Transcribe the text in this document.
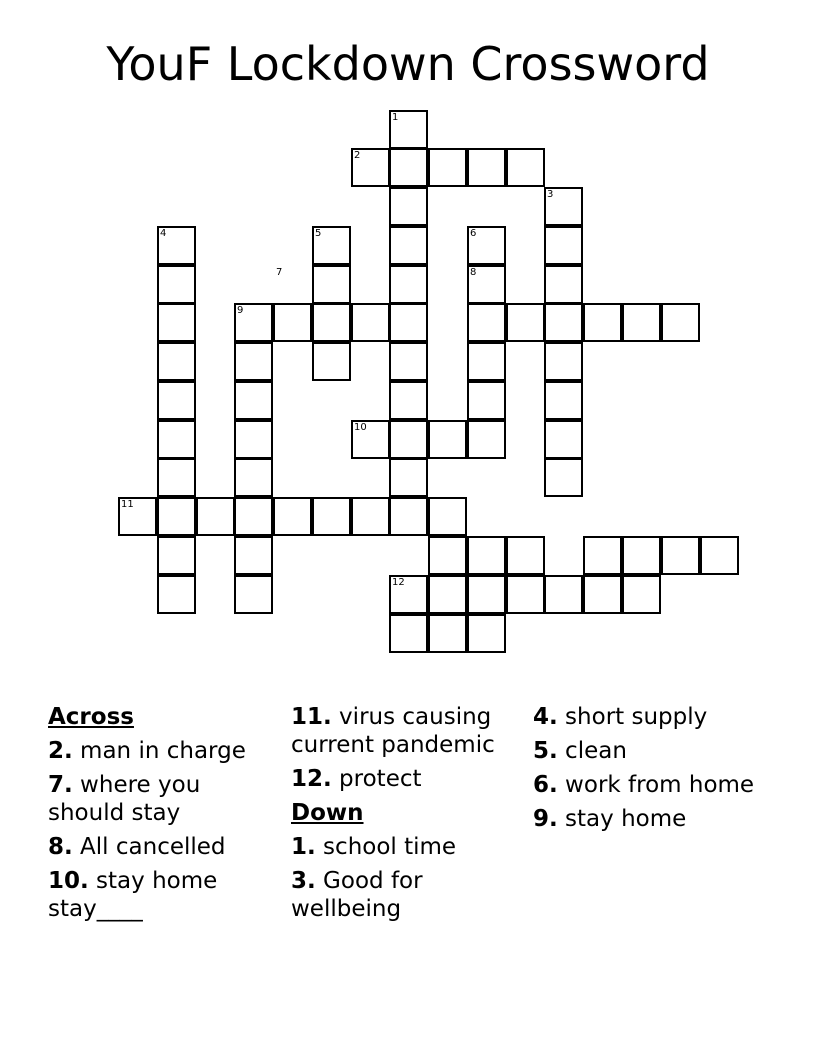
YouF Lockdown Crossword
1
2
3
4	5	6
7	8
9
10
11
12
Across
2. man in charge
7. where you should stay
8. All cancelled
10. stay home stay____
11. virus causing current pandemic
12. protect
Down
1. school time
3. Good for wellbeing
4. short supply
5. clean
6. work from home
9. stay home
